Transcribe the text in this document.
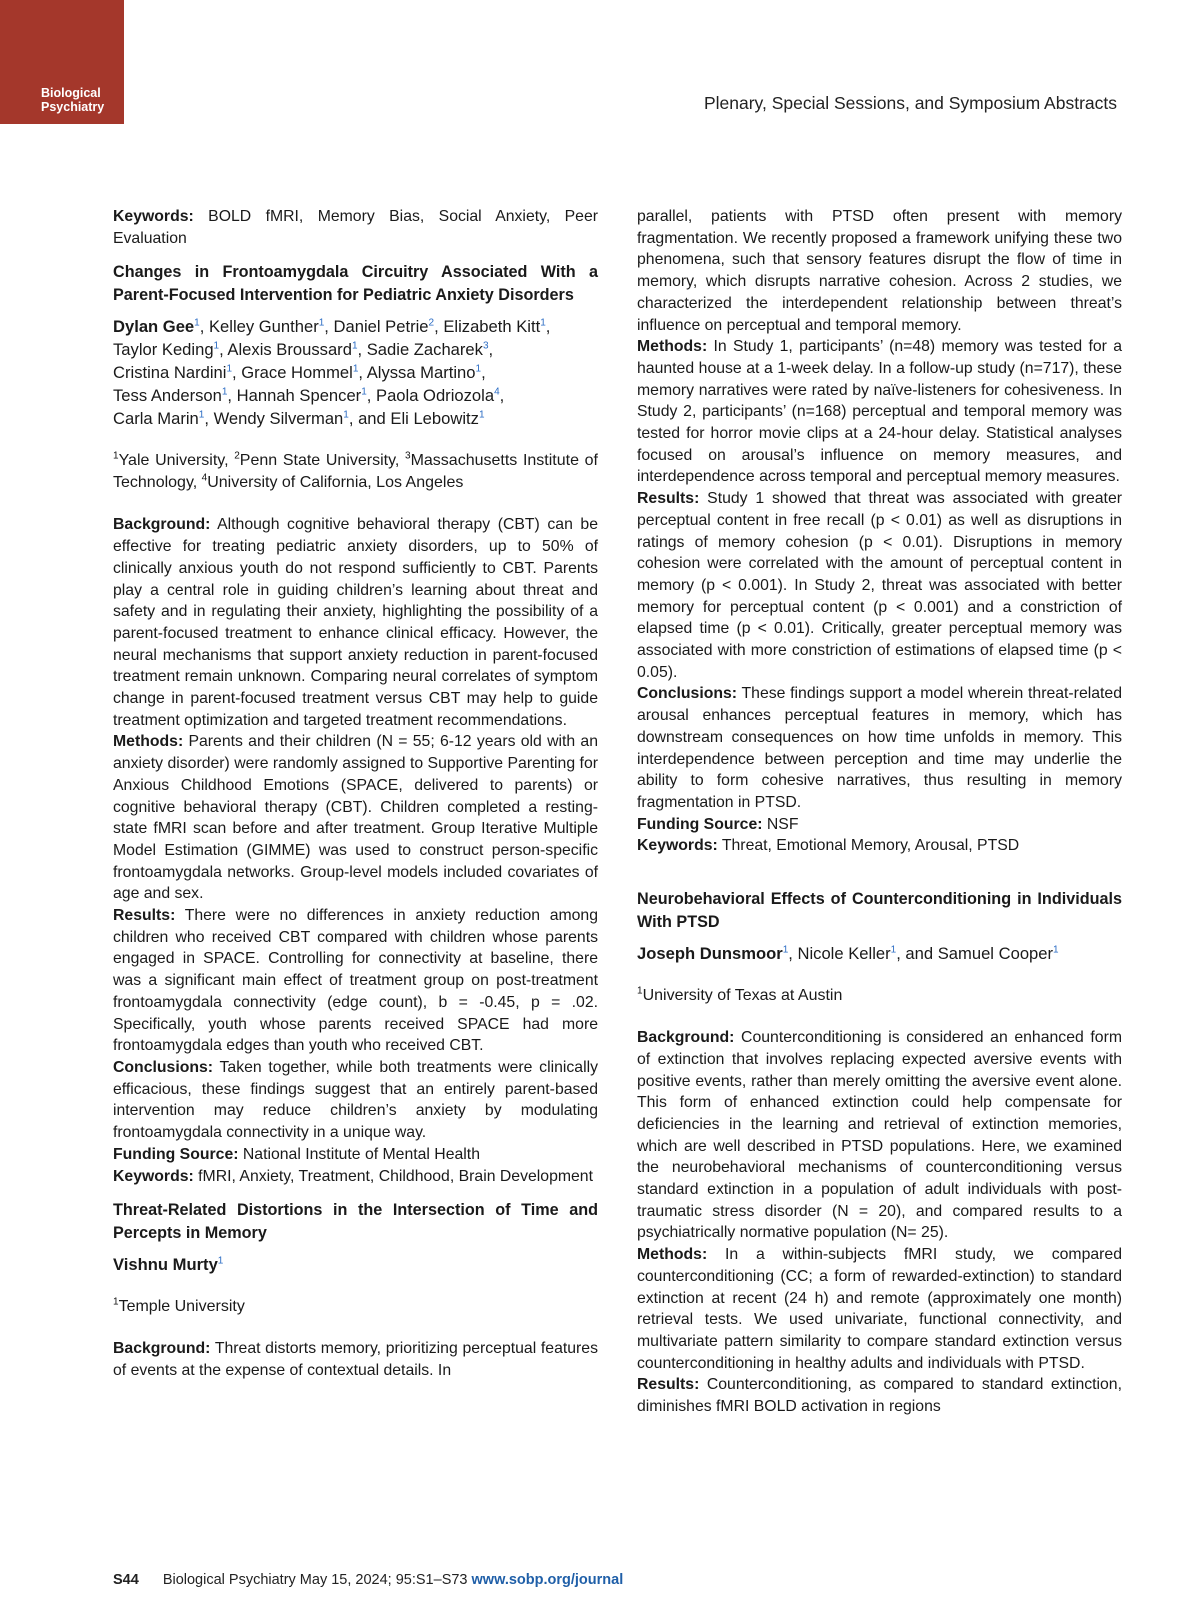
Biological
Psychiatry	Plenary, Special Sessions, and Symposium Abstracts

Keywords: BOLD fMRI, Memory Bias, Social Anxiety, Peer Evaluation

Changes in Frontoamygdala Circuitry Associated With a Parent-Focused Intervention for Pediatric Anxiety Disorders

Dylan Gee$^1$, Kelley Gunther$^1$, Daniel Petrie$^2$, Elizabeth Kitt$^1$,
Taylor Keding$^1$, Alexis Broussard$^1$, Sadie Zacharek$^3$,
Cristina Nardini$^1$, Grace Hommel$^1$, Alyssa Martino$^1$,
Tess Anderson$^1$, Hannah Spencer$^1$, Paola Odriozola$^4$,
Carla Marin$^1$, Wendy Silverman$^1$, and Eli Lebowitz$^1$

$^1$Yale University, $^2$Penn State University, $^3$Massachusetts Institute of Technology, $^4$University of California, Los Angeles

Background: Although cognitive behavioral therapy (CBT) can be effective for treating pediatric anxiety disorders, up to 50% of clinically anxious youth do not respond sufficiently to CBT. Parents play a central role in guiding children’s learning about threat and safety and in regulating their anxiety, highlighting the possibility of a parent-focused treatment to enhance clinical efficacy. However, the neural mechanisms that support anxiety reduction in parent-focused treatment remain unknown. Comparing neural correlates of symptom change in parent-focused treatment versus CBT may help to guide treatment optimization and targeted treatment recommendations.

Methods: Parents and their children (N = 55; 6-12 years old with an anxiety disorder) were randomly assigned to Supportive Parenting for Anxious Childhood Emotions (SPACE, delivered to parents) or cognitive behavioral therapy (CBT). Children completed a resting-state fMRI scan before and after treatment. Group Iterative Multiple Model Estimation (GIMME) was used to construct person-specific frontoamygdala networks. Group-level models included covariates of age and sex.

Results: There were no differences in anxiety reduction among children who received CBT compared with children whose parents engaged in SPACE. Controlling for connectivity at baseline, there was a significant main effect of treatment group on post-treatment frontoamygdala connectivity (edge count), b = -0.45, p = .02. Specifically, youth whose parents received SPACE had more frontoamygdala edges than youth who received CBT.

Conclusions: Taken together, while both treatments were clinically efficacious, these findings suggest that an entirely parent-based intervention may reduce children’s anxiety by modulating frontoamygdala connectivity in a unique way.

Funding Source: National Institute of Mental Health

Keywords: fMRI, Anxiety, Treatment, Childhood, Brain Development

Threat-Related Distortions in the Intersection of Time and Percepts in Memory

Vishnu Murty$^1$

$^1$Temple University

Background: Threat distorts memory, prioritizing perceptual features of events at the expense of contextual details. In

parallel, patients with PTSD often present with memory fragmentation. We recently proposed a framework unifying these two phenomena, such that sensory features disrupt the flow of time in memory, which disrupts narrative cohesion. Across 2 studies, we characterized the interdependent relationship between threat’s influence on perceptual and temporal memory.

Methods: In Study 1, participants’ (n=48) memory was tested for a haunted house at a 1-week delay. In a follow-up study (n=717), these memory narratives were rated by naïve-listeners for cohesiveness. In Study 2, participants’ (n=168) perceptual and temporal memory was tested for horror movie clips at a 24-hour delay. Statistical analyses focused on arousal’s influence on memory measures, and interdependence across temporal and perceptual memory measures.

Results: Study 1 showed that threat was associated with greater perceptual content in free recall (p < 0.01) as well as disruptions in ratings of memory cohesion (p < 0.01). Disruptions in memory cohesion were correlated with the amount of perceptual content in memory (p < 0.001). In Study 2, threat was associated with better memory for perceptual content (p < 0.001) and a constriction of elapsed time (p < 0.01). Critically, greater perceptual memory was associated with more constriction of estimations of elapsed time (p < 0.05).

Conclusions: These findings support a model wherein threat-related arousal enhances perceptual features in memory, which has downstream consequences on how time unfolds in memory. This interdependence between perception and time may underlie the ability to form cohesive narratives, thus resulting in memory fragmentation in PTSD.

Funding Source: NSF

Keywords: Threat, Emotional Memory, Arousal, PTSD

Neurobehavioral Effects of Counterconditioning in Individuals With PTSD

Joseph Dunsmoor$^1$, Nicole Keller$^1$, and Samuel Cooper$^1$

$^1$University of Texas at Austin

Background: Counterconditioning is considered an enhanced form of extinction that involves replacing expected aversive events with positive events, rather than merely omitting the aversive event alone. This form of enhanced extinction could help compensate for deficiencies in the learning and retrieval of extinction memories, which are well described in PTSD populations. Here, we examined the neurobehavioral mechanisms of counterconditioning versus standard extinction in a population of adult individuals with post-traumatic stress disorder (N = 20), and compared results to a psychiatrically normative population (N= 25).

Methods: In a within-subjects fMRI study, we compared counterconditioning (CC; a form of rewarded-extinction) to standard extinction at recent (24 h) and remote (approximately one month) retrieval tests. We used univariate, functional connectivity, and multivariate pattern similarity to compare standard extinction versus counterconditioning in healthy adults and individuals with PTSD.

Results: Counterconditioning, as compared to standard extinction, diminishes fMRI BOLD activation in regions

S44 Biological Psychiatry May 15, 2024; 95:S1–S73 www.sobp.org/journal
